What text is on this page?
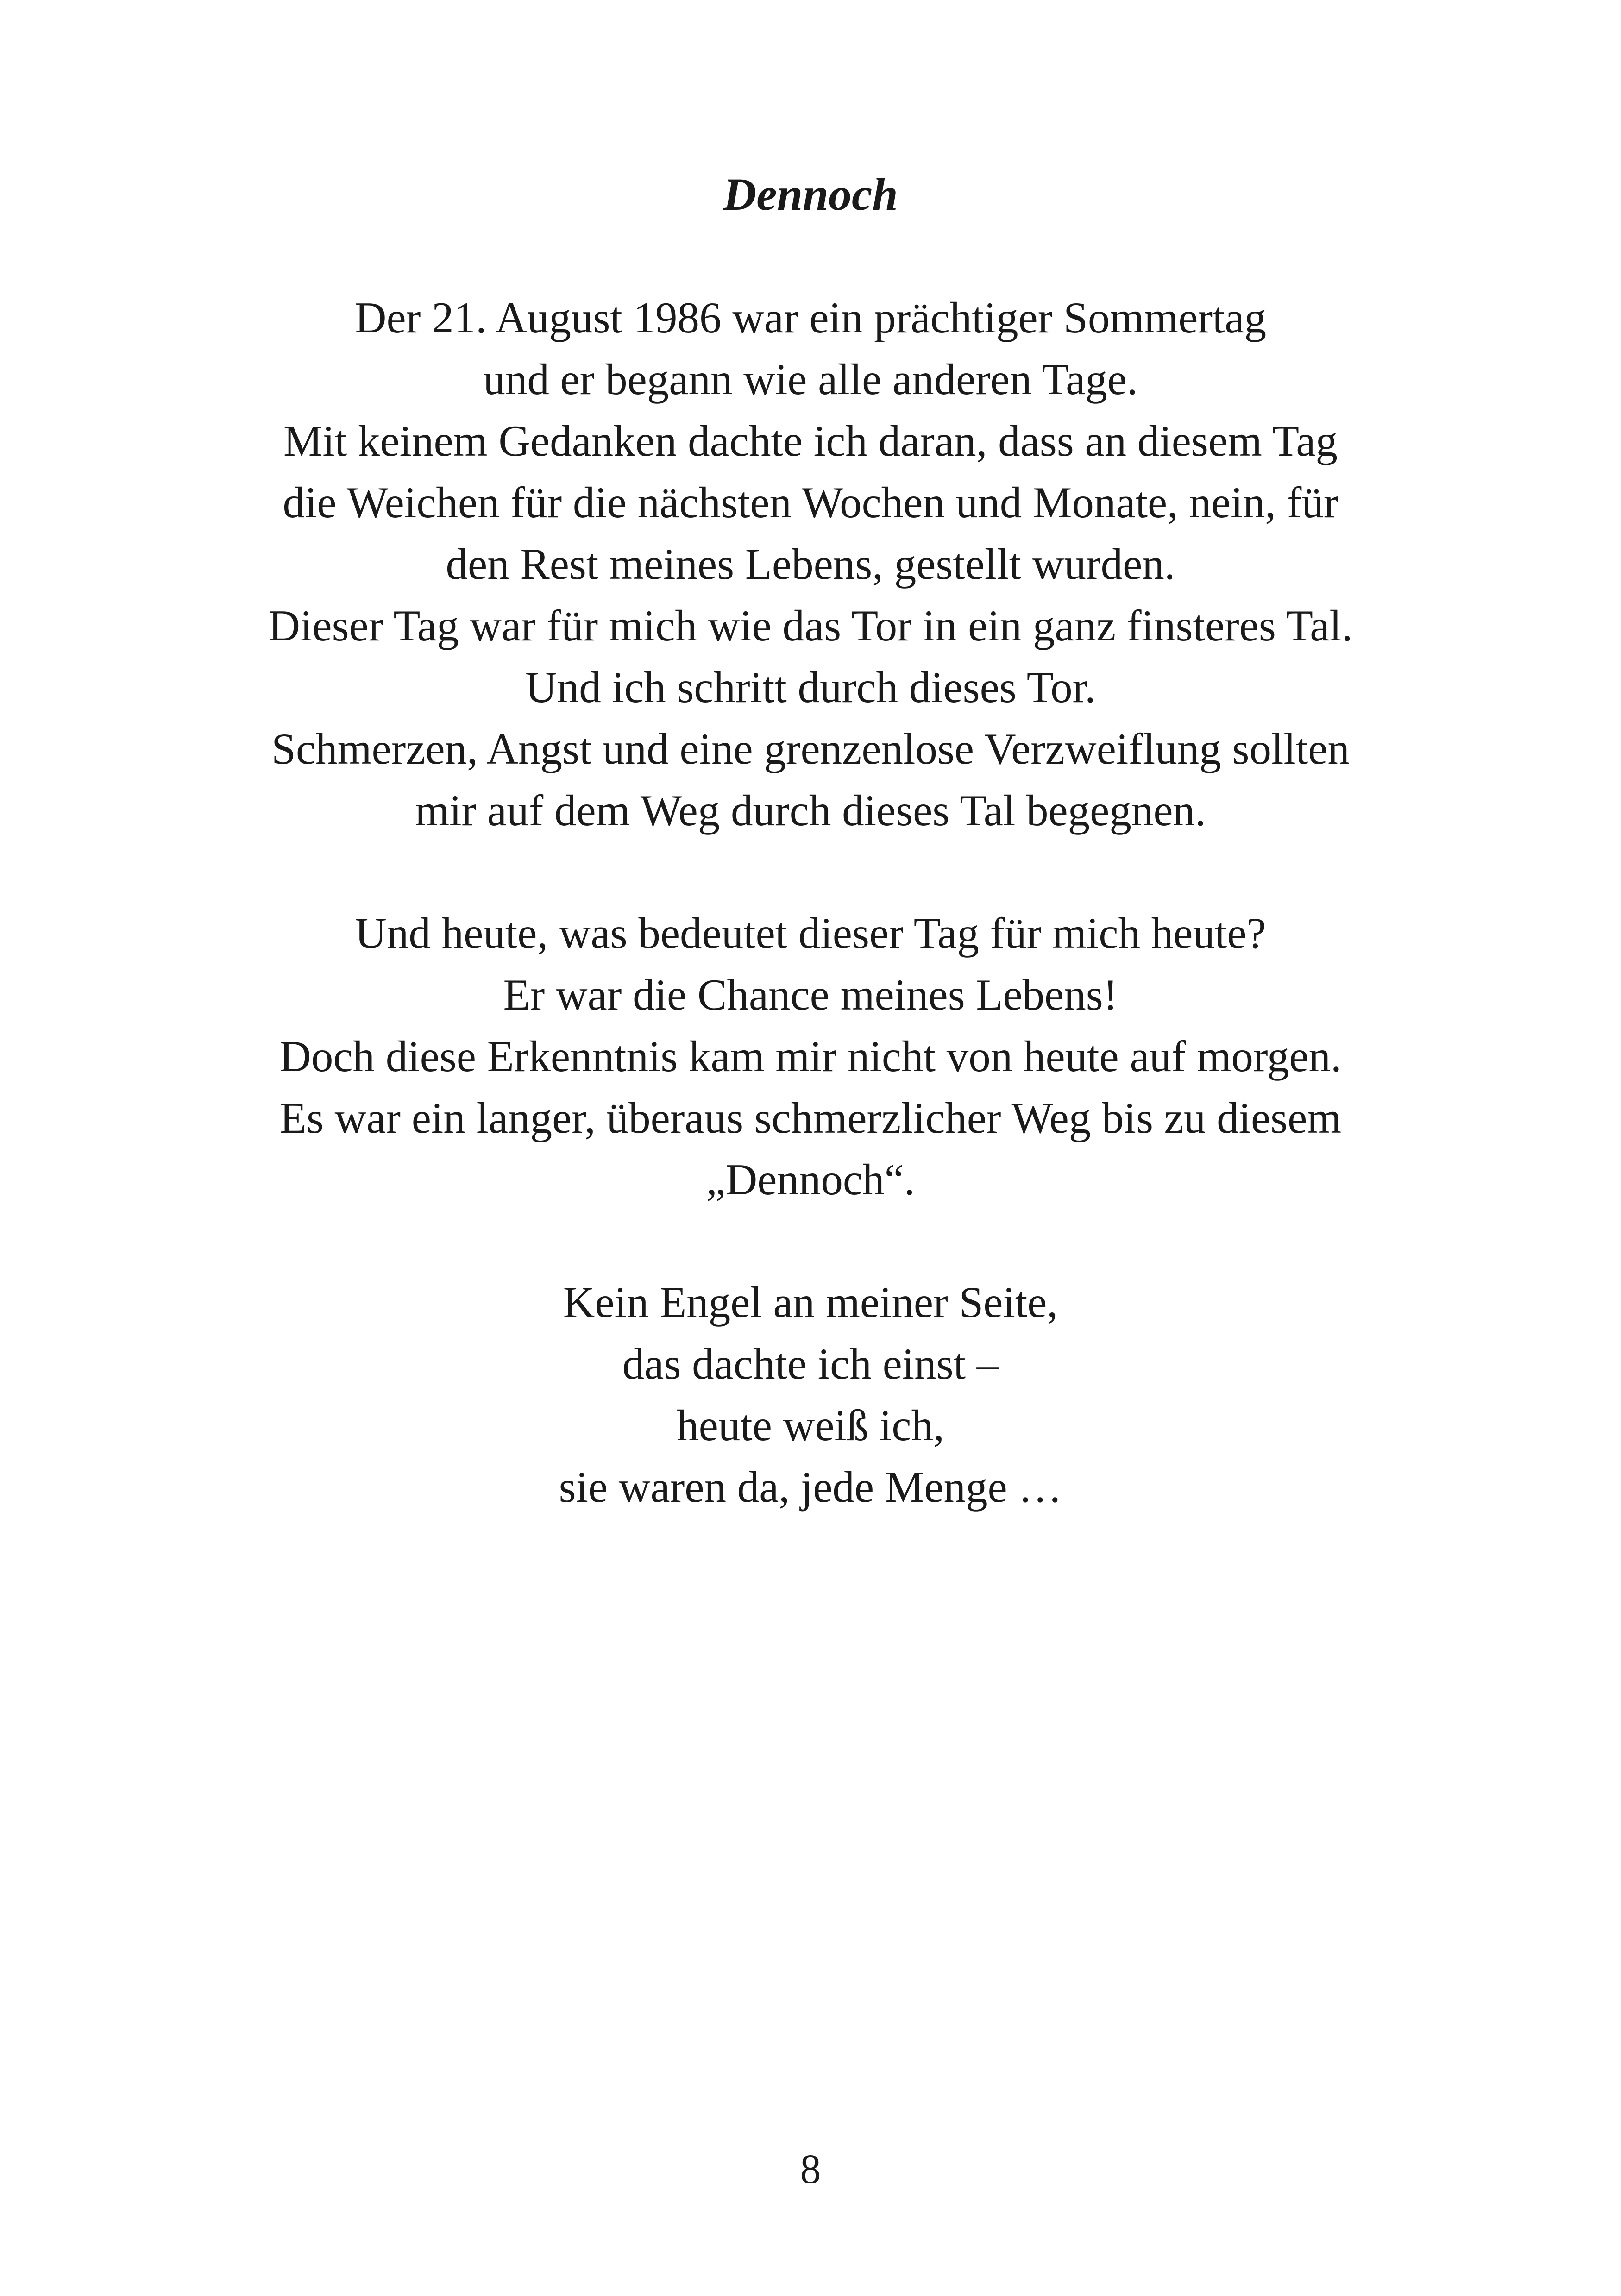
Dennoch

Der 21. August 1986 war ein prächtiger Sommertag
und er begann wie alle anderen Tage.
Mit keinem Gedanken dachte ich daran, dass an diesem Tag
die Weichen für die nächsten Wochen und Monate, nein, für
den Rest meines Lebens, gestellt wurden.
Dieser Tag war für mich wie das Tor in ein ganz finsteres Tal.
Und ich schritt durch dieses Tor.
Schmerzen, Angst und eine grenzenlose Verzweiflung sollten
mir auf dem Weg durch dieses Tal begegnen.

Und heute, was bedeutet dieser Tag für mich heute?
Er war die Chance meines Lebens!
Doch diese Erkenntnis kam mir nicht von heute auf morgen.
Es war ein langer, überaus schmerzlicher Weg bis zu diesem
„Dennoch“.

Kein Engel an meiner Seite,
das dachte ich einst –
heute weiß ich,
sie waren da, jede Menge …

8
